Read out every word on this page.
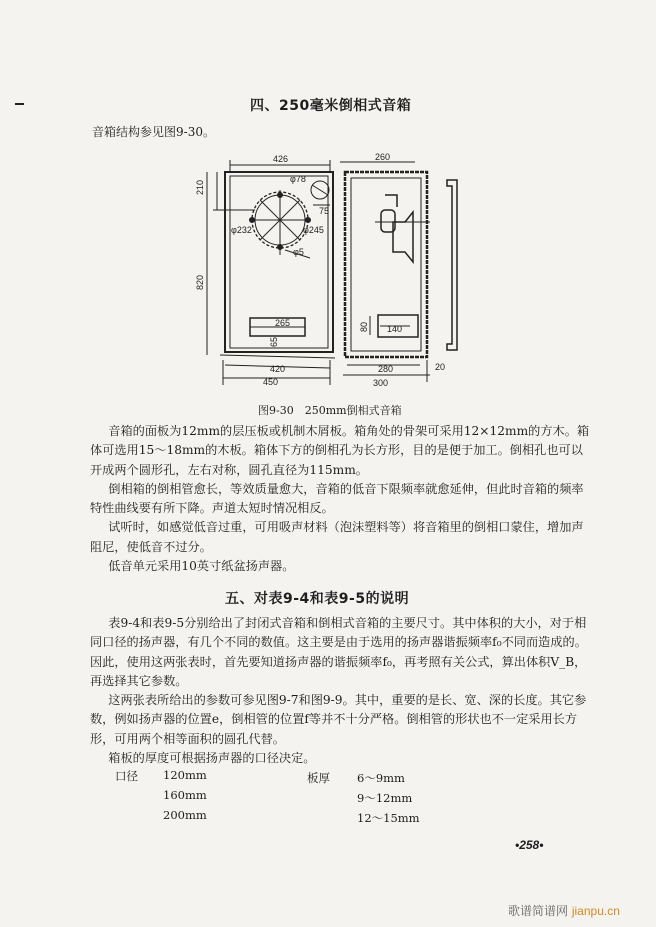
四、250毫米倒相式音箱
音箱结构参见图9-30。
426
210
820
φ78
75
φ232	φ245
φ5
265
65
420
450
260
80 140
280
300
20
图9-30　250mm倒相式音箱

音箱的面板为12mm的层压板或机制木屑板。箱角处的骨架可采用12×12mm的方木。箱体可选用15～18mm的木板。箱体下方的倒相孔为长方形，目的是便于加工。倒相孔也可以开成两个圆形孔，左右对称，圆孔直径为115mm。

倒相箱的倒相管愈长，等效质量愈大，音箱的低音下限频率就愈延伸，但此时音箱的频率特性曲线要有所下降。声道太短时情况相反。

试听时，如感觉低音过重，可用吸声材料（泡沫塑料等）将音箱里的倒相口蒙住，增加声阻尼，使低音不过分。

低音单元采用10英寸纸盆扬声器。

五、对表9-4和表9-5的说明

表9-4和表9-5分别给出了封闭式音箱和倒相式音箱的主要尺寸。其中体积的大小，对于相同口径的扬声器，有几个不同的数值。这主要是由于选用的扬声器谐振频率f₀不同而造成的。因此，使用这两张表时，首先要知道扬声器的谐振频率f₀，再考照有关公式，算出体积V_B，再选择其它参数。

这两张表所给出的参数可参见图9-7和图9-9。其中，重要的是长、宽、深的长度。其它参数，例如扬声器的位置e，倒相管的位置f等并不十分严格。倒相管的形状也不一定采用长方形，可用两个相等面积的圆孔代替。

箱板的厚度可根据扬声器的口径决定。

口径 120mm
160mm
200mm
板厚 6～9mm
9～12mm
12～15mm
•258•
歌谱简谱网 jianpu.cn
